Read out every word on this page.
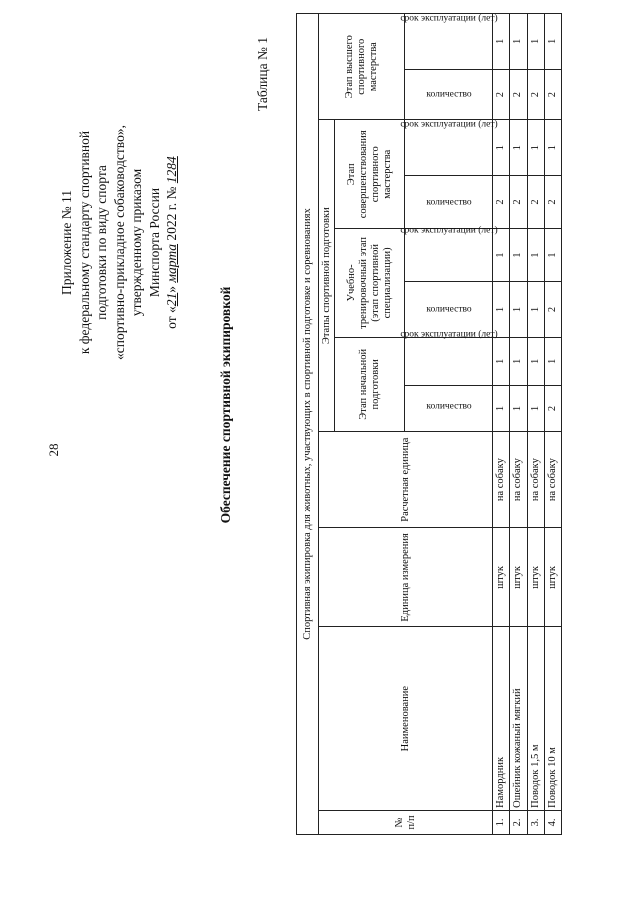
28
Приложение № 11 к федеральному стандарту спортивной подготовки по виду спорта «спортивно-прикладное собаководство», утвержденному приказом Минспорта России
от «21» марта 2022 г. № 1284
Обеспечение спортивной экипировкой
Таблица № 1
Спортивная экипировка для животных, участвующих в спортивной подготовке и соревнованиях											
№ п/п	Наименование	Единица измерения	Расчетная единица	Этапы спортивной подготовки						Этап высшего спортивного мастерства	
				Этап начальной подготовки		Учебно-тренировочный этап (этап спортивной специализации)		Этап совершенствования спортивного мастерства			
				количество	срок эксплуатации (лет)	количество	срок эксплуатации (лет)	количество	срок эксплуатации (лет)	количество	срок эксплуатации (лет)
1.	Намордник	штук	на собаку	1	1	1	1	2	1	2	1
2.	Ошейник кожаный мягкий	штук	на собаку	1	1	1	1	2	1	2	1
3.	Поводок 1,5 м	штук	на собаку	1	1	1	1	2	1	2	1
4.	Поводок 10 м	штук	на собаку	2	1	2	1	2	1	2	1
